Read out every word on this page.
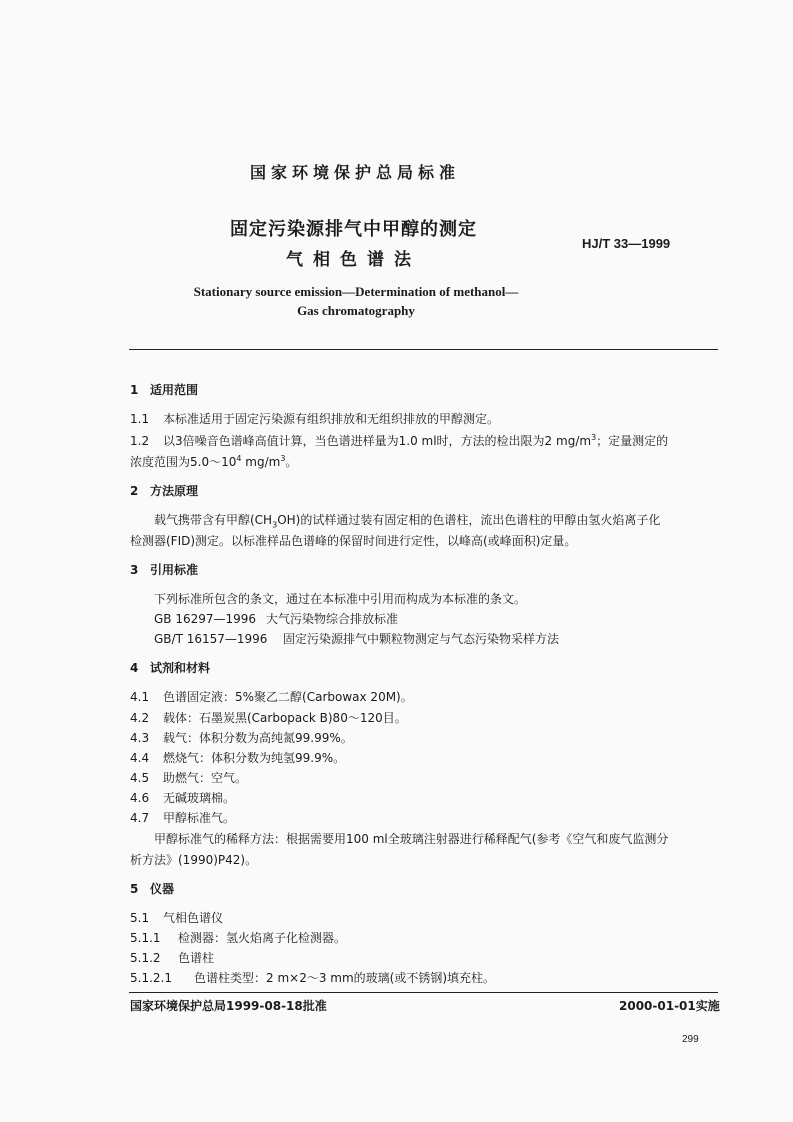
国家环境保护总局标准
固定污染源排气中甲醇的测定
气相色谱法
HJ/T 33—1999
Stationary source emission—Determination of methanol—
Gas chromatography
1 适用范围
1.1 本标准适用于固定污染源有组织排放和无组织排放的甲醇测定。
1.2 以3倍噪音色谱峰高值计算，当色谱进样量为1.0 ml时，方法的检出限为2 $mg/m^3$；定量测定的
浓度范围为$5.0\sim 10^4$ $mg/m^3$。
2 方法原理
载气携带含有甲醇$(CH_3OH)$的试样通过装有固定相的色谱柱，流出色谱柱的甲醇由氢火焰离子化
检测器(FID)测定。以标准样品色谱峰的保留时间进行定性，以峰高(或峰面积)定量。
3 引用标准
下列标准所包含的条文，通过在本标准中引用而构成为本标准的条文。
GB 16297—1996 大气污染物综合排放标准
GB/T 16157—1996 固定污染源排气中颗粒物测定与气态污染物采样方法
4 试剂和材料
4.1 色谱固定液：5%聚乙二醇(Carbowax 20M)。
4.2 载体：石墨炭黑(Carbopack B)80～120目。
4.3 载气：体积分数为高纯氮99.99%。
4.4 燃烧气：体积分数为纯氢99.9%。
4.5 助燃气：空气。
4.6 无碱玻璃棉。
4.7 甲醇标准气。
甲醇标准气的稀释方法：根据需要用100 ml全玻璃注射器进行稀释配气(参考《空气和废气监测分
析方法》(1990)P42)。
5 仪器
5.1 气相色谱仪
5.1.1 检测器：氢火焰离子化检测器。
5.1.2 色谱柱
5.1.2.1 色谱柱类型：2 m×2～3 mm的玻璃(或不锈钢)填充柱。
国家环境保护总局1999-08-18批准	2000-01-01实施
299
